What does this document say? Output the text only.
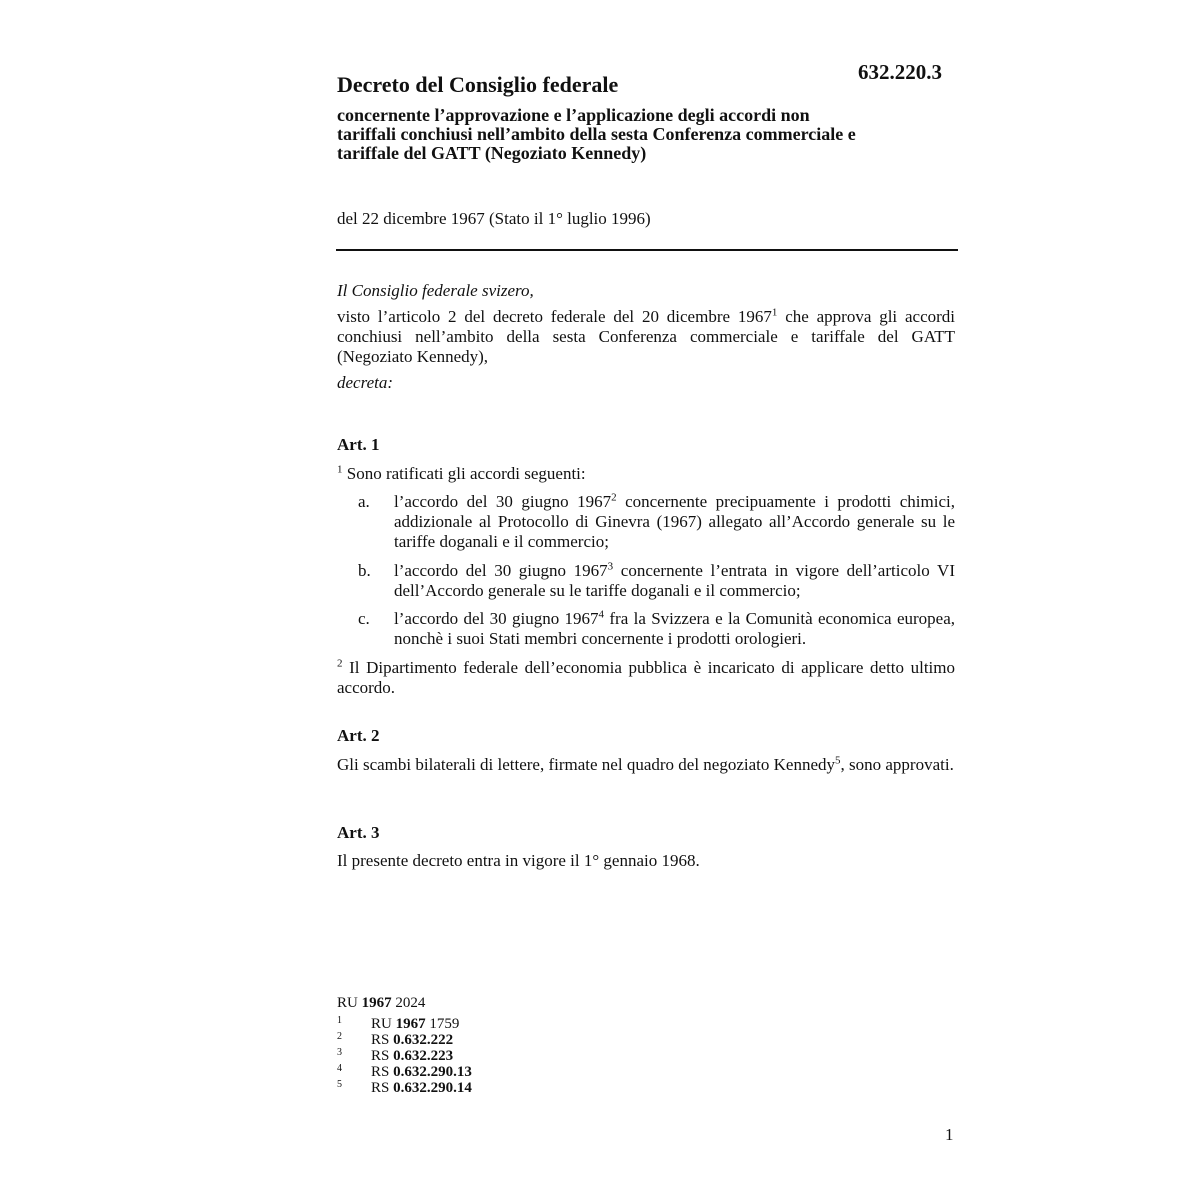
632.220.3
Decreto del Consiglio federale
concernente l’approvazione e l’applicazione degli accordi non tariffali conchiusi nell’ambito della sesta Conferenza commerciale e tariffale del GATT (Negoziato Kennedy)
del 22 dicembre 1967 (Stato il 1° luglio 1996)
Il Consiglio federale svizero,
visto l’articolo 2 del decreto federale del 20 dicembre 1967$^1$ che approva gli accordi conchiusi nell’ambito della sesta Conferenza commerciale e tariffale del GATT (Negoziato Kennedy),
decreta:
Art. 1
$^1$ Sono ratificati gli accordi seguenti:
a. l’accordo del 30 giugno 1967$^2$ concernente precipuamente i prodotti chimici, addizionale al Protocollo di Ginevra (1967) allegato all’Accordo generale su le tariffe doganali e il commercio;
b. l’accordo del 30 giugno 1967$^3$ concernente l’entrata in vigore dell’articolo VI dell’Accordo generale su le tariffe doganali e il commercio;
c. l’accordo del 30 giugno 1967$^4$ fra la Svizzera e la Comunità economica europea, nonchè i suoi Stati membri concernente i prodotti orologieri.
$^2$ Il Dipartimento federale dell’economia pubblica è incaricato di applicare detto ultimo accordo.
Art. 2
Gli scambi bilaterali di lettere, firmate nel quadro del negoziato Kennedy$^5$, sono approvati.
Art. 3
Il presente decreto entra in vigore il 1° gennaio 1968.
RU 1967 2024
1 RU 1967 1759
2 RS 0.632.222
3 RS 0.632.223
4 RS 0.632.290.13
5 RS 0.632.290.14
1
